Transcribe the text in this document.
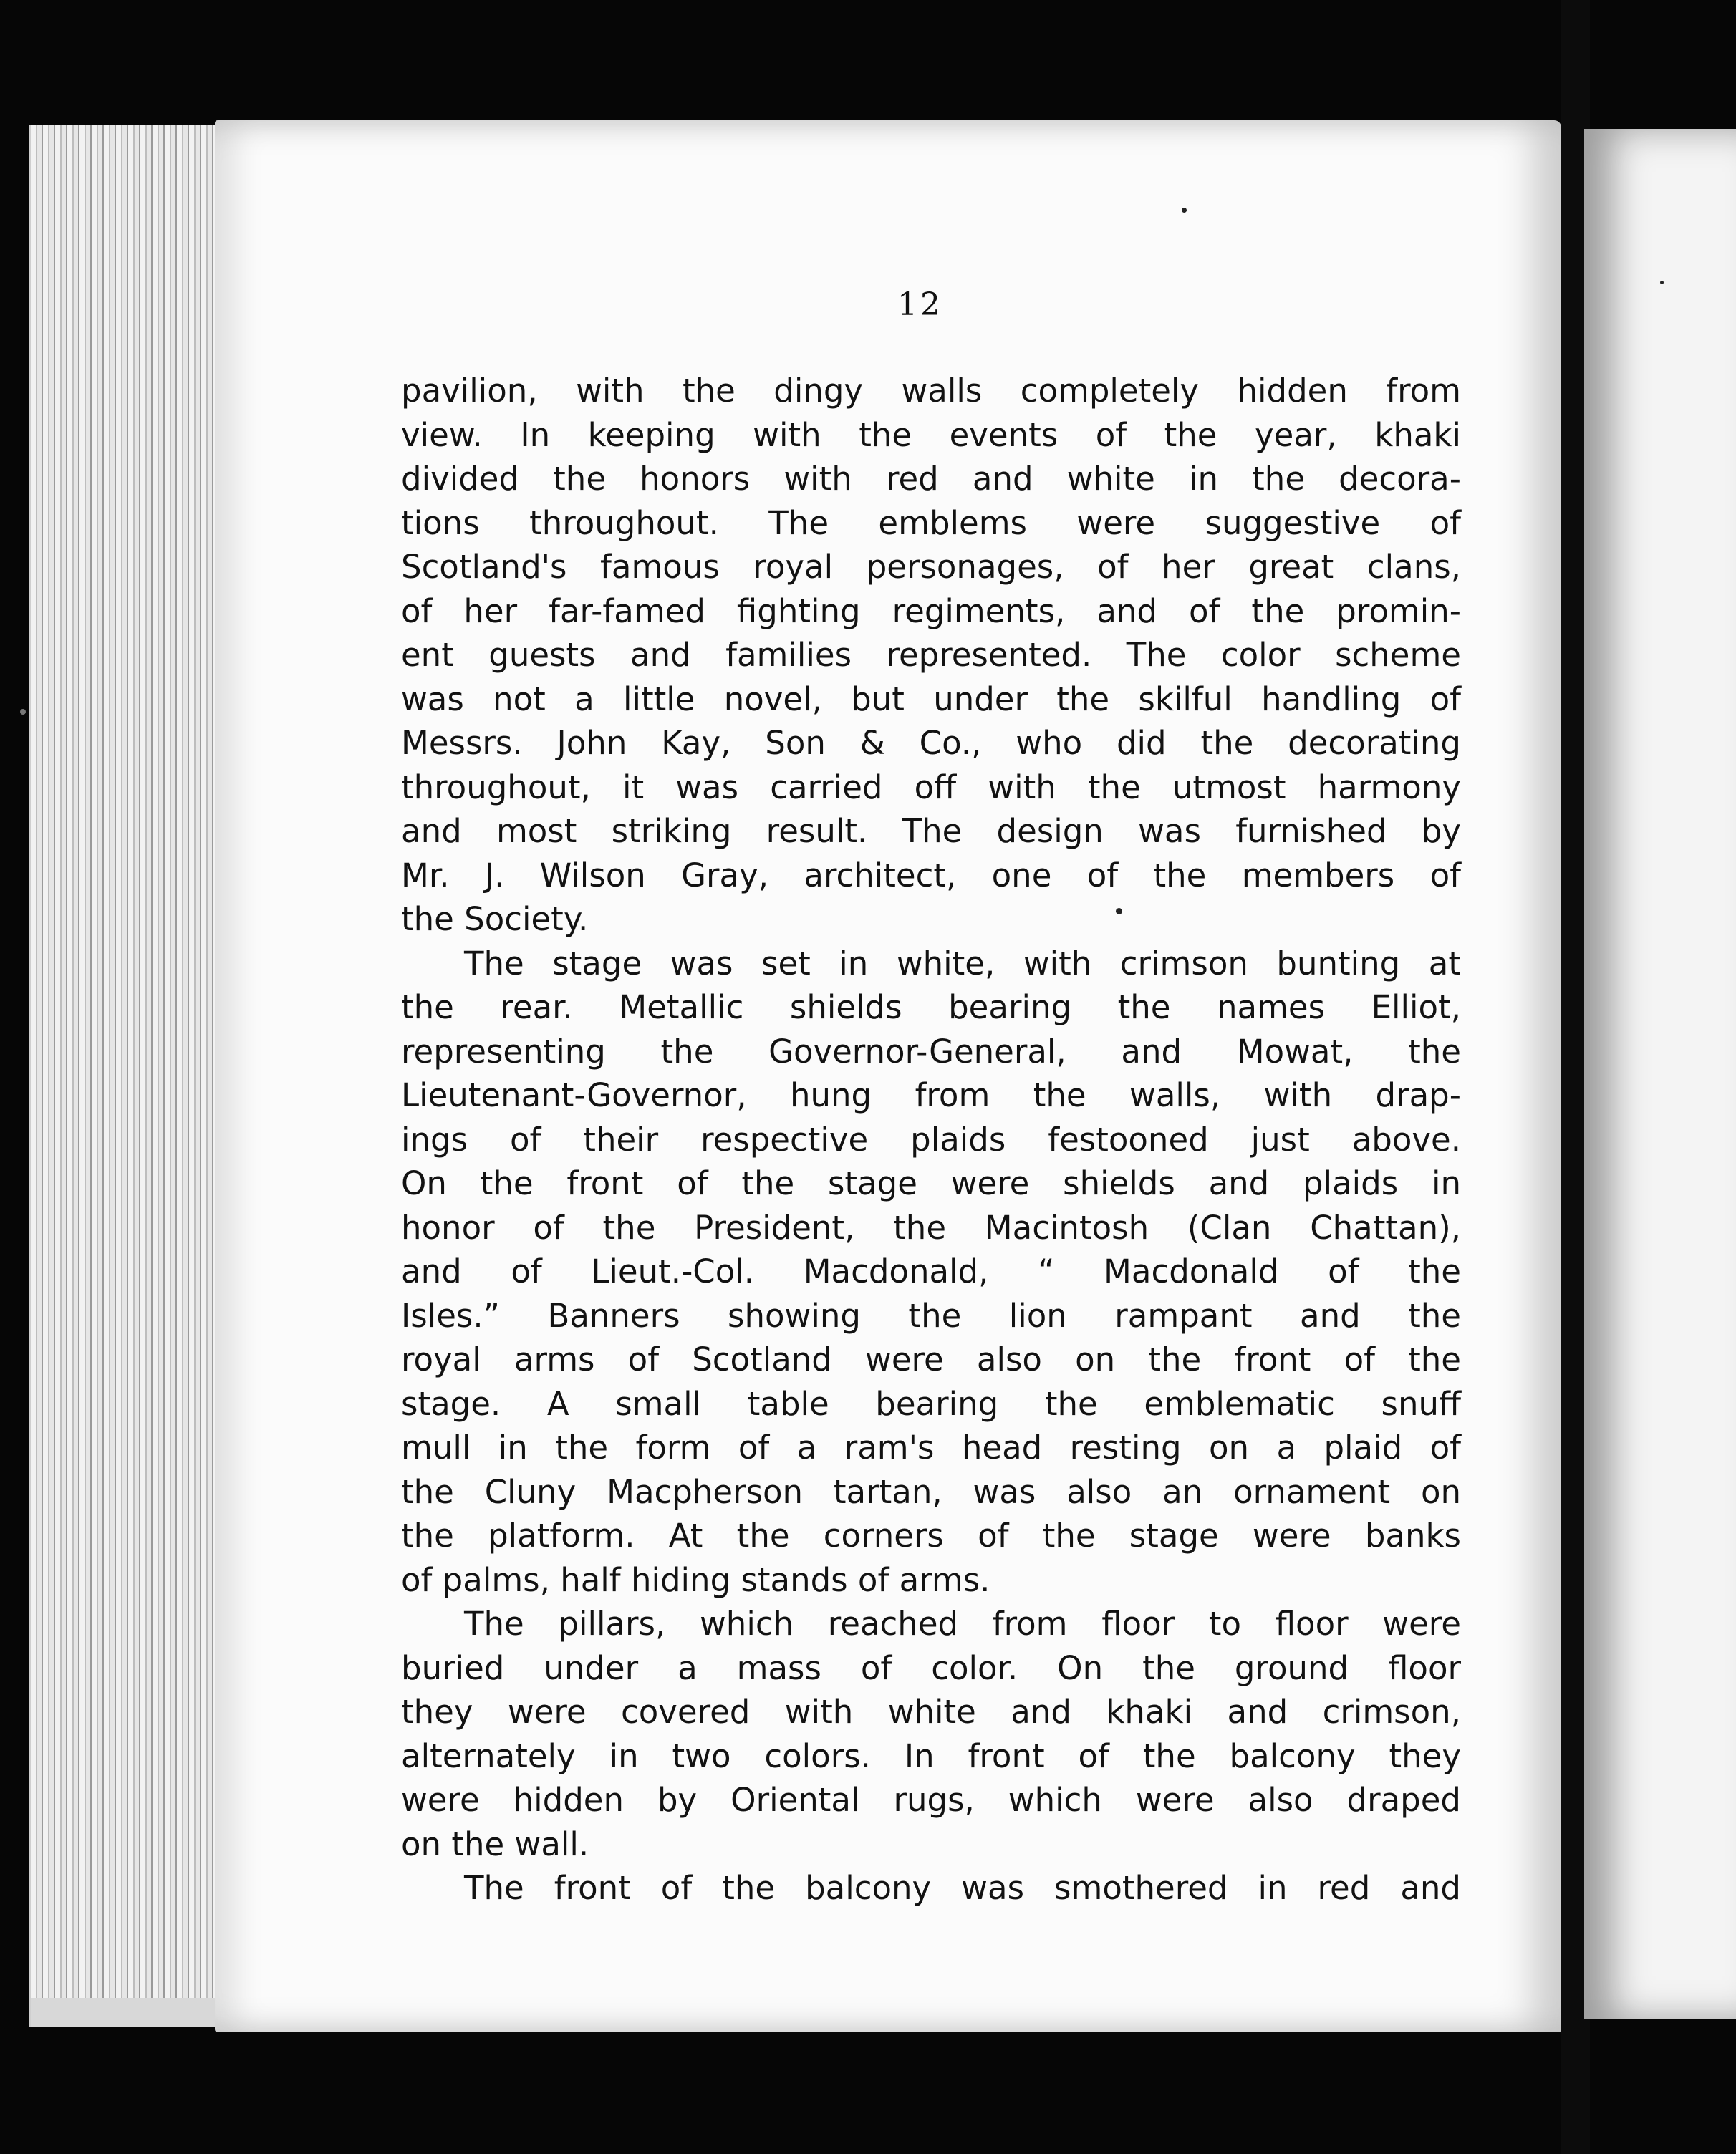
12
pavilion, with the dingy walls completely hidden from
view. In keeping with the events of the year, khaki
divided the honors with red and white in the decora-
tions throughout. The emblems were suggestive of
Scotland's famous royal personages, of her great clans,
of her far-famed fighting regiments, and of the promin-
ent guests and families represented. The color scheme
was not a little novel, but under the skilful handling of
Messrs. John Kay, Son & Co., who did the decorating
throughout, it was carried off with the utmost harmony
and most striking result. The design was furnished by
Mr. J. Wilson Gray, architect, one of the members of
the Society.
The stage was set in white, with crimson bunting at
the rear. Metallic shields bearing the names Elliot,
representing the Governor-General, and Mowat, the
Lieutenant-Governor, hung from the walls, with drap-
ings of their respective plaids festooned just above.
On the front of the stage were shields and plaids in
honor of the President, the Macintosh (Clan Chattan),
and of Lieut.-Col. Macdonald, “ Macdonald of the
Isles.” Banners showing the lion rampant and the
royal arms of Scotland were also on the front of the
stage. A small table bearing the emblematic snuff
mull in the form of a ram's head resting on a plaid of
the Cluny Macpherson tartan, was also an ornament on
the platform. At the corners of the stage were banks
of palms, half hiding stands of arms.
The pillars, which reached from floor to floor were
buried under a mass of color. On the ground floor
they were covered with white and khaki and crimson,
alternately in two colors. In front of the balcony they
were hidden by Oriental rugs, which were also draped
on the wall.
The front of the balcony was smothered in red and
